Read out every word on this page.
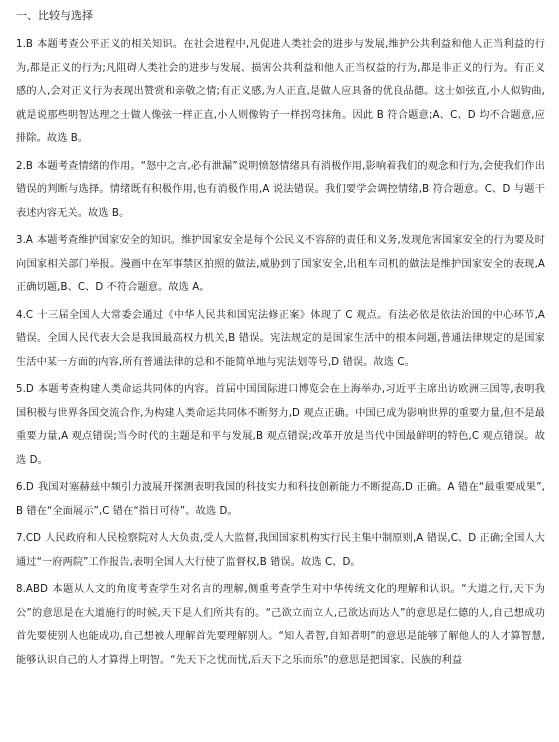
一、比较与选择

1.B 本题考查公平正义的相关知识。在社会进程中,凡促进人类社会的进步与发展,维护公共利益和他人正当利益的行为,都是正义的行为;凡阻碍人类社会的进步与发展、损害公共利益和他人正当权益的行为,都是非正义的行为。有正义感的人,会对正义行为表现出赞赏和亲敬之情;有正义感,为人正直,是做人应具备的优良品德。这士如弦直,小人似钩曲,就是说那些明智达理之士做人像弦一样正直,小人则像钩子一样拐弯抹角。因此 B 符合题意;A、C、D 均不合题意,应排除。故选 B。

2.B 本题考查情绪的作用。“怒中之言,必有泄漏”说明愤怒情绪具有消极作用,影响着我们的观念和行为,会使我们作出错误的判断与选择。情绪既有积极作用,也有消极作用,A 说法错误。我们要学会调控情绪,B 符合题意。C、D 与题干表述内容无关。故选 B。

3.A 本题考查维护国家安全的知识。维护国家安全是每个公民义不容辞的责任和义务,发现危害国家安全的行为要及时向国家相关部门举报。漫画中在军事禁区拍照的做法,威胁到了国家安全,出租车司机的做法是维护国家安全的表现,A 正确切题,B、C、D 不符合题意。故选 A。

4.C 十三届全国人大常委会通过《中华人民共和国宪法修正案》体现了 C 观点。有法必依是依法治国的中心环节,A 错误。全国人民代表大会是我国最高权力机关,B 错误。宪法规定的是国家生活中的根本问题,普通法律规定的是国家生活中某一方面的内容,所有普通法律的总和不能简单地与宪法划等号,D 错误。故选 C。

5.D 本题考查构建人类命运共同体的内容。首届中国国际进口博览会在上海举办,习近平主席出访欧洲三国等,表明我国积极与世界各国交流合作,为构建人类命运共同体不断努力,D 观点正确。中国已成为影响世界的重要力量,但不是最重要力量,A 观点错误;当今时代的主题是和平与发展,B 观点错误;改革开放是当代中国最鲜明的特色,C 观点错误。故选 D。

6.D 我国对塞赫兹中频引力波展开探测表明我国的科技实力和科技创新能力不断提高,D 正确。A 错在“最重要成果”,B 错在“全面展示”,C 错在“指日可待”。故选 D。

7.CD 人民政府和人民检察院对人大负责,受人大监督,我国国家机构实行民主集中制原则,A 错误,C、D 正确;全国人大通过“一府两院”工作报告,表明全国人大行使了监督权,B 错误。故选 C、D。

8.ABD 本题从人文的角度考查学生对名言的理解,侧重考查学生对中华传统文化的理解和认识。“大道之行,天下为公”的意思是在大道施行的时候,天下是人们所共有的。“己欲立而立人,己欲达而达人”的意思是仁德的人,自己想成功首先要使别人也能成功,自己想被人理解首先要理解别人。“知人者智,自知者明”的意思是能够了解他人的人才算智慧,能够认识自己的人才算得上明智。“先天下之忧而忧,后天下之乐而乐”的意思是把国家、民族的利益
